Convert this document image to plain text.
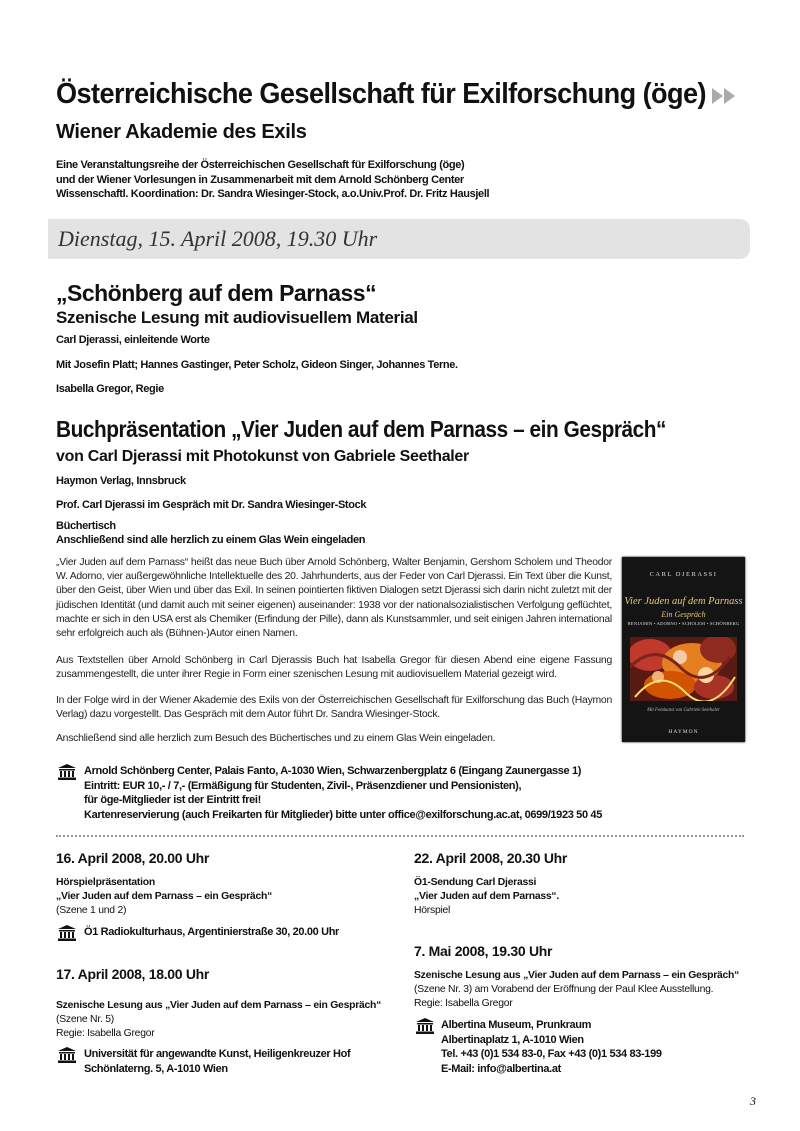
Österreichische Gesellschaft für Exilforschung (öge)
Wiener Akademie des Exils
Eine Veranstaltungsreihe der Österreichischen Gesellschaft für Exilforschung (öge)
und der Wiener Vorlesungen in Zusammenarbeit mit dem Arnold Schönberg Center
Wissenschaftl. Koordination: Dr. Sandra Wiesinger-Stock, a.o.Univ.Prof. Dr. Fritz Hausjell
Dienstag, 15. April 2008, 19.30 Uhr
„Schönberg auf dem Parnass“
Szenische Lesung mit audiovisuellem Material
Carl Djerassi, einleitende Worte
Mit Josefin Platt; Hannes Gastinger, Peter Scholz, Gideon Singer, Johannes Terne.
Isabella Gregor, Regie
Buchpräsentation „Vier Juden auf dem Parnass – ein Gespräch“
von Carl Djerassi mit Photokunst von Gabriele Seethaler
Haymon Verlag, Innsbruck
Prof. Carl Djerassi im Gespräch mit Dr. Sandra Wiesinger-Stock
Büchertisch
Anschließend sind alle herzlich zu einem Glas Wein eingeladen

„Vier Juden auf dem Parnass“ heißt das neue Buch über Arnold Schönberg, Walter Benjamin, Gershom Scholem und Theodor W. Adorno, vier außergewöhnliche Intellektuelle des 20. Jahrhunderts, aus der Feder von Carl Djerassi. Ein Text über die Kunst, über den Geist, über Wien und über das Exil. In seinen pointierten fiktiven Dialogen setzt Djerassi sich darin nicht zuletzt mit der jüdischen Identität (und damit auch mit seiner eigenen) auseinander: 1938 vor der nationalsozialistischen Verfolgung geflüchtet, machte er sich in den USA erst als Chemiker (Erfindung der Pille), dann als Kunstsammler, und seit einigen Jahren international sehr erfolgreich auch als (Bühnen-)Autor einen Namen.

Aus Textstellen über Arnold Schönberg in Carl Djerassis Buch hat Isabella Gregor für diesen Abend eine eigene Fassung zusammengestellt, die unter ihrer Regie in Form einer szenischen Lesung mit audiovisuellem Material gezeigt wird.

In der Folge wird in der Wiener Akademie des Exils von der Österreichischen Gesellschaft für Exilforschung das Buch (Haymon Verlag) dazu vorgestellt. Das Gespräch mit dem Autor führt Dr. Sandra Wiesinger-Stock.

Anschließend sind alle herzlich zum Besuch des Büchertisches und zu einem Glas Wein eingeladen.

CARL DJERASSI
Vier Juden auf dem Parnass
Ein Gespräch
BENJAMIN • ADORNO • SCHOLEM • SCHÖNBERG
Mit Fotokunst von Gabriele Seethaler
HAYMON
Arnold Schönberg Center, Palais Fanto, A-1030 Wien, Schwarzenbergplatz 6 (Eingang Zaunergasse 1)
Eintritt: EUR 10,- / 7,- (Ermäßigung für Studenten, Zivil-, Präsenzdiener und Pensionisten),
für öge-Mitglieder ist der Eintritt frei!
Kartenreservierung (auch Freikarten für Mitglieder) bitte unter office@exilforschung.ac.at, 0699/1923 50 45
16. April 2008, 20.00 Uhr
Hörspielpräsentation
„Vier Juden auf dem Parnass – ein Gespräch“
(Szene 1 und 2)
Ö1 Radiokulturhaus, Argentinierstraße 30, 20.00 Uhr
17. April 2008, 18.00 Uhr
Szenische Lesung aus „Vier Juden auf dem Parnass – ein Gespräch“
(Szene Nr. 5)
Regie: Isabella Gregor
Universität für angewandte Kunst, Heiligenkreuzer Hof
Schönlaterng. 5, A-1010 Wien
22. April 2008, 20.30 Uhr
Ö1-Sendung Carl Djerassi
„Vier Juden auf dem Parnass“.
Hörspiel
7. Mai 2008, 19.30 Uhr
Szenische Lesung aus „Vier Juden auf dem Parnass – ein Gespräch“
(Szene Nr. 3) am Vorabend der Eröffnung der Paul Klee Ausstellung.
Regie: Isabella Gregor
Albertina Museum, Prunkraum
Albertinaplatz 1, A-1010 Wien
Tel. +43 (0)1 534 83-0, Fax +43 (0)1 534 83-199
E-Mail: info@albertina.at
3
